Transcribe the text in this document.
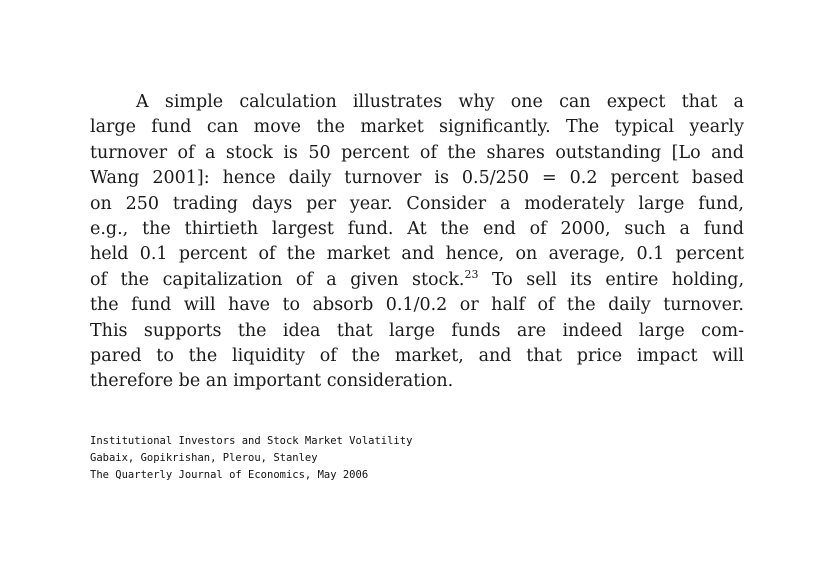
A simple calculation illustrates why one can expect that a
large fund can move the market significantly. The typical yearly
turnover of a stock is 50 percent of the shares outstanding [Lo and
Wang 2001]: hence daily turnover is 0.5/250 = 0.2 percent based
on 250 trading days per year. Consider a moderately large fund,
e.g., the thirtieth largest fund. At the end of 2000, such a fund
held 0.1 percent of the market and hence, on average, 0.1 percent
of the capitalization of a given stock.$^{23}$ To sell its entire holding,
the fund will have to absorb 0.1/0.2 or half of the daily turnover.
This supports the idea that large funds are indeed large com-
pared to the liquidity of the market, and that price impact will
therefore be an important consideration.
Institutional Investors and Stock Market Volatility
Gabaix, Gopikrishan, Plerou, Stanley
The Quarterly Journal of Economics, May 2006
